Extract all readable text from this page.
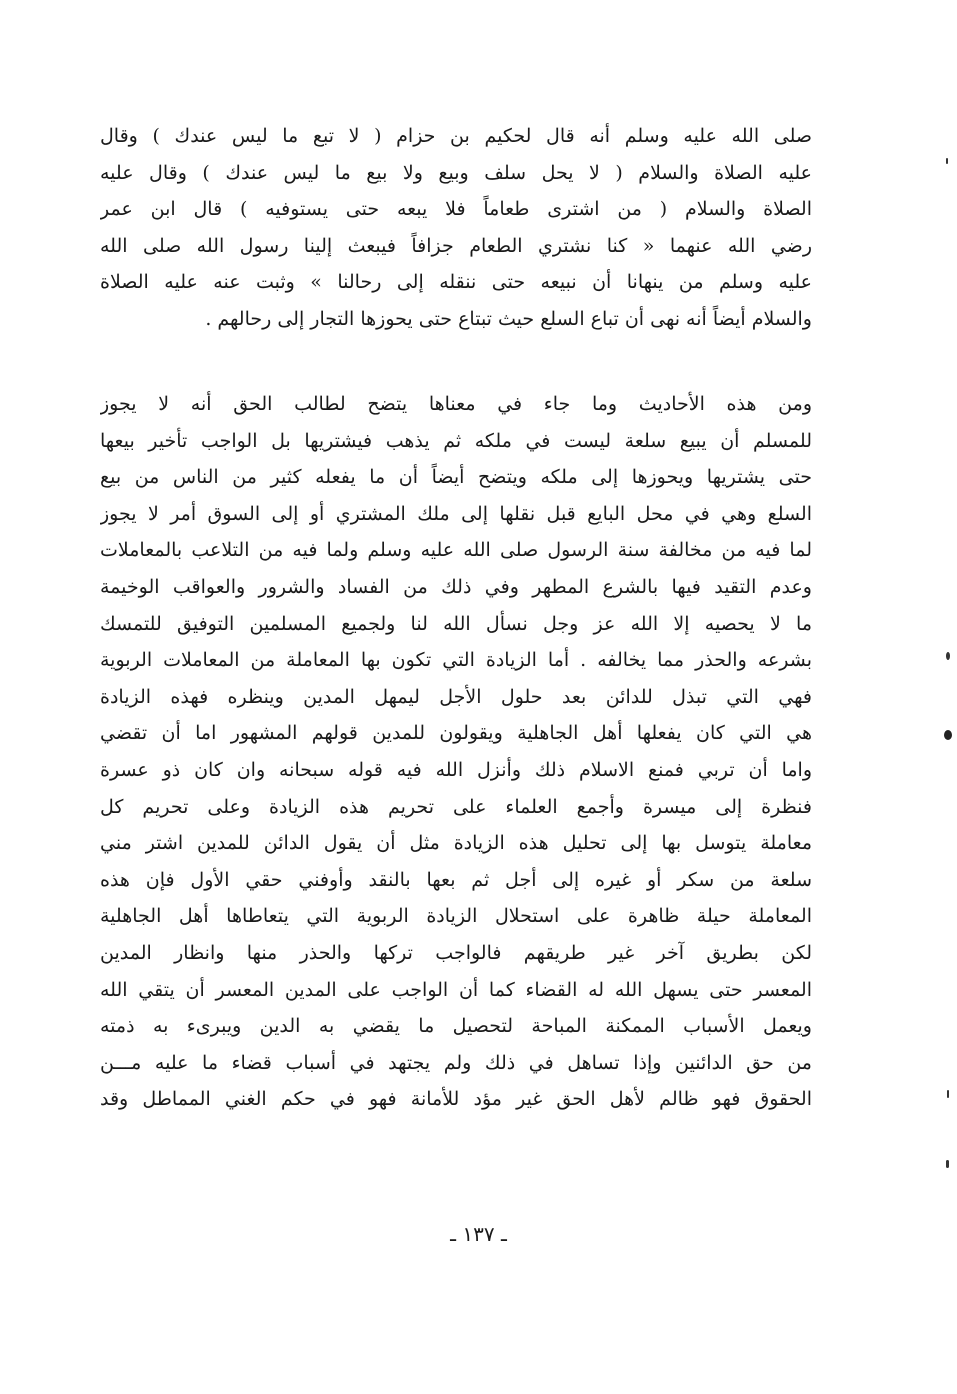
صلى الله عليه وسلم أنه قال لحكيم بن حزام ( لا تبع ما ليس عندك ) وقال
عليه الصلاة والسلام ( لا يحل سلف وبيع ولا بيع ما ليس عندك ) وقال عليه
الصلاة والسلام ( من اشترى طعاماً فلا يبعه حتى يستوفيه ) قال ابن عمر
رضي الله عنهما « كنا نشتري الطعام جزافاً فيبعث إلينا رسول الله صلى الله
عليه وسلم من ينهانا أن نبيعه حتى ننقله إلى رحالنا » وثبت عنه عليه الصلاة
والسلام أيضاً أنه نهى أن تباع السلع حيث تبتاع حتى يحوزها التجار إلى رحالهم .
ومن هذه الأحاديث وما جاء في معناها يتضح لطالب الحق أنه لا يجوز
للمسلم أن يبيع سلعة ليست في ملكه ثم يذهب فيشتريها بل الواجب تأخير بيعها
حتى يشتريها ويحوزها إلى ملكه ويتضح أيضاً أن ما يفعله كثير من الناس من بيع
السلع وهي في محل البايع قبل نقلها إلى ملك المشتري أو إلى السوق أمر لا يجوز
لما فيه من مخالفة سنة الرسول صلى الله عليه وسلم ولما فيه من التلاعب بالمعاملات
وعدم التقيد فيها بالشرع المطهر وفي ذلك من الفساد والشرور والعواقب الوخيمة
ما لا يحصيه إلا الله عز وجل نسأل الله لنا ولجميع المسلمين التوفيق للتمسك
بشرعه والحذر مما يخالفه . أما الزيادة التي تكون بها المعاملة من المعاملات الربوية
فهي التي تبذل للدائن بعد حلول الأجل ليمهل المدين وينظره فهذه الزيادة
هي التي كان يفعلها أهل الجاهلية ويقولون للمدين قولهم المشهور اما أن تقضي
واما أن تربي فمنع الاسلام ذلك وأنزل الله فيه قوله سبحانه وان كان ذو عسرة
فنظرة إلى ميسرة وأجمع العلماء على تحريم هذه الزيادة وعلى تحريم كل
معاملة يتوسل بها إلى تحليل هذه الزيادة مثل أن يقول الدائن للمدين اشتر مني
سلعة من سكر أو غيره إلى أجل ثم بعها بالنقد وأوفني حقي الأول فإن هذه
المعاملة حيلة ظاهرة على استحلال الزيادة الربوية التي يتعاطاها أهل الجاهلية
لكن بطريق آخر غير طريقهم فالواجب تركها والحذر منها وانظار المدين
المعسر حتى يسهل الله له القضاء كما أن الواجب على المدين المعسر أن يتقي الله
ويعمل الأسباب الممكنة المباحة لتحصيل ما يقضي به الدين ويبرىء به ذمته
من حق الدائنين وإذا تساهل في ذلك ولم يجتهد في أسباب قضاء ما عليه مـــن
الحقوق فهو ظالم لأهل الحق غير مؤد للأمانة فهو في حكم الغني المماطل وقد
ـ ١٣٧ ـ
